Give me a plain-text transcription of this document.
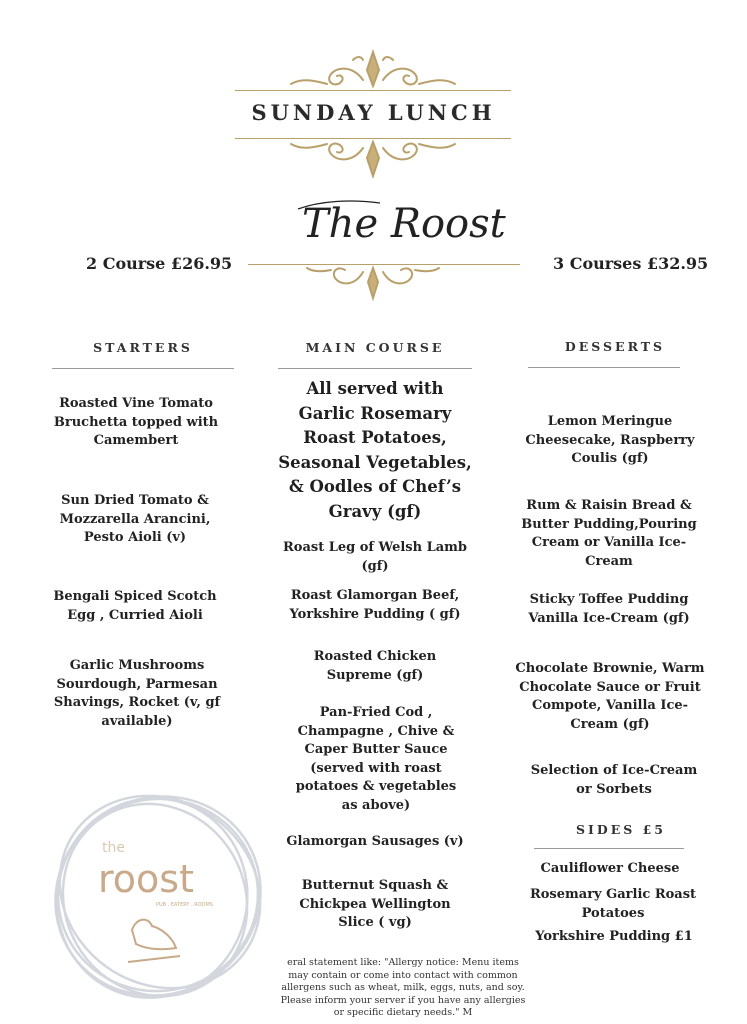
SUNDAY LUNCH
The Roost
2 Course £26.95	3 Courses £32.95
STARTERS	MAIN COURSE	DESSERTS
Roasted Vine Tomato Bruchetta topped with Camembert
Sun Dried Tomato & Mozzarella Arancini, Pesto Aioli (v)
Bengali Spiced Scotch Egg , Curried Aioli
Garlic Mushrooms Sourdough, Parmesan Shavings, Rocket (v, gf available)
All served with Garlic Rosemary Roast Potatoes, Seasonal Vegetables, & Oodles of Chef’s Gravy (gf)
Roast Leg of Welsh Lamb (gf)
Roast Glamorgan Beef, Yorkshire Pudding ( gf)
Roasted Chicken Supreme (gf)
Pan-Fried Cod , Champagne , Chive & Caper Butter Sauce (served with roast potatoes & vegetables as above)
Glamorgan Sausages (v)
Butternut Squash & Chickpea Wellington Slice ( vg)
eral statement like: "Allergy notice: Menu items may contain or come into contact with common allergens such as wheat, milk, eggs, nuts, and soy. Please inform your server if you have any allergies or specific dietary needs." M
Lemon Meringue Cheesecake, Raspberry Coulis (gf)
Rum & Raisin Bread & Butter Pudding,Pouring Cream or Vanilla Ice-Cream
Sticky Toffee Pudding Vanilla Ice-Cream (gf)
Chocolate Brownie, Warm Chocolate Sauce or Fruit Compote, Vanilla Ice-Cream (gf)
Selection of Ice-Cream or Sorbets
SIDES £5
Cauliflower Cheese
Rosemary Garlic Roast Potatoes
Yorkshire Pudding £1
the
roost
PUB . EATERY . ROOMS
